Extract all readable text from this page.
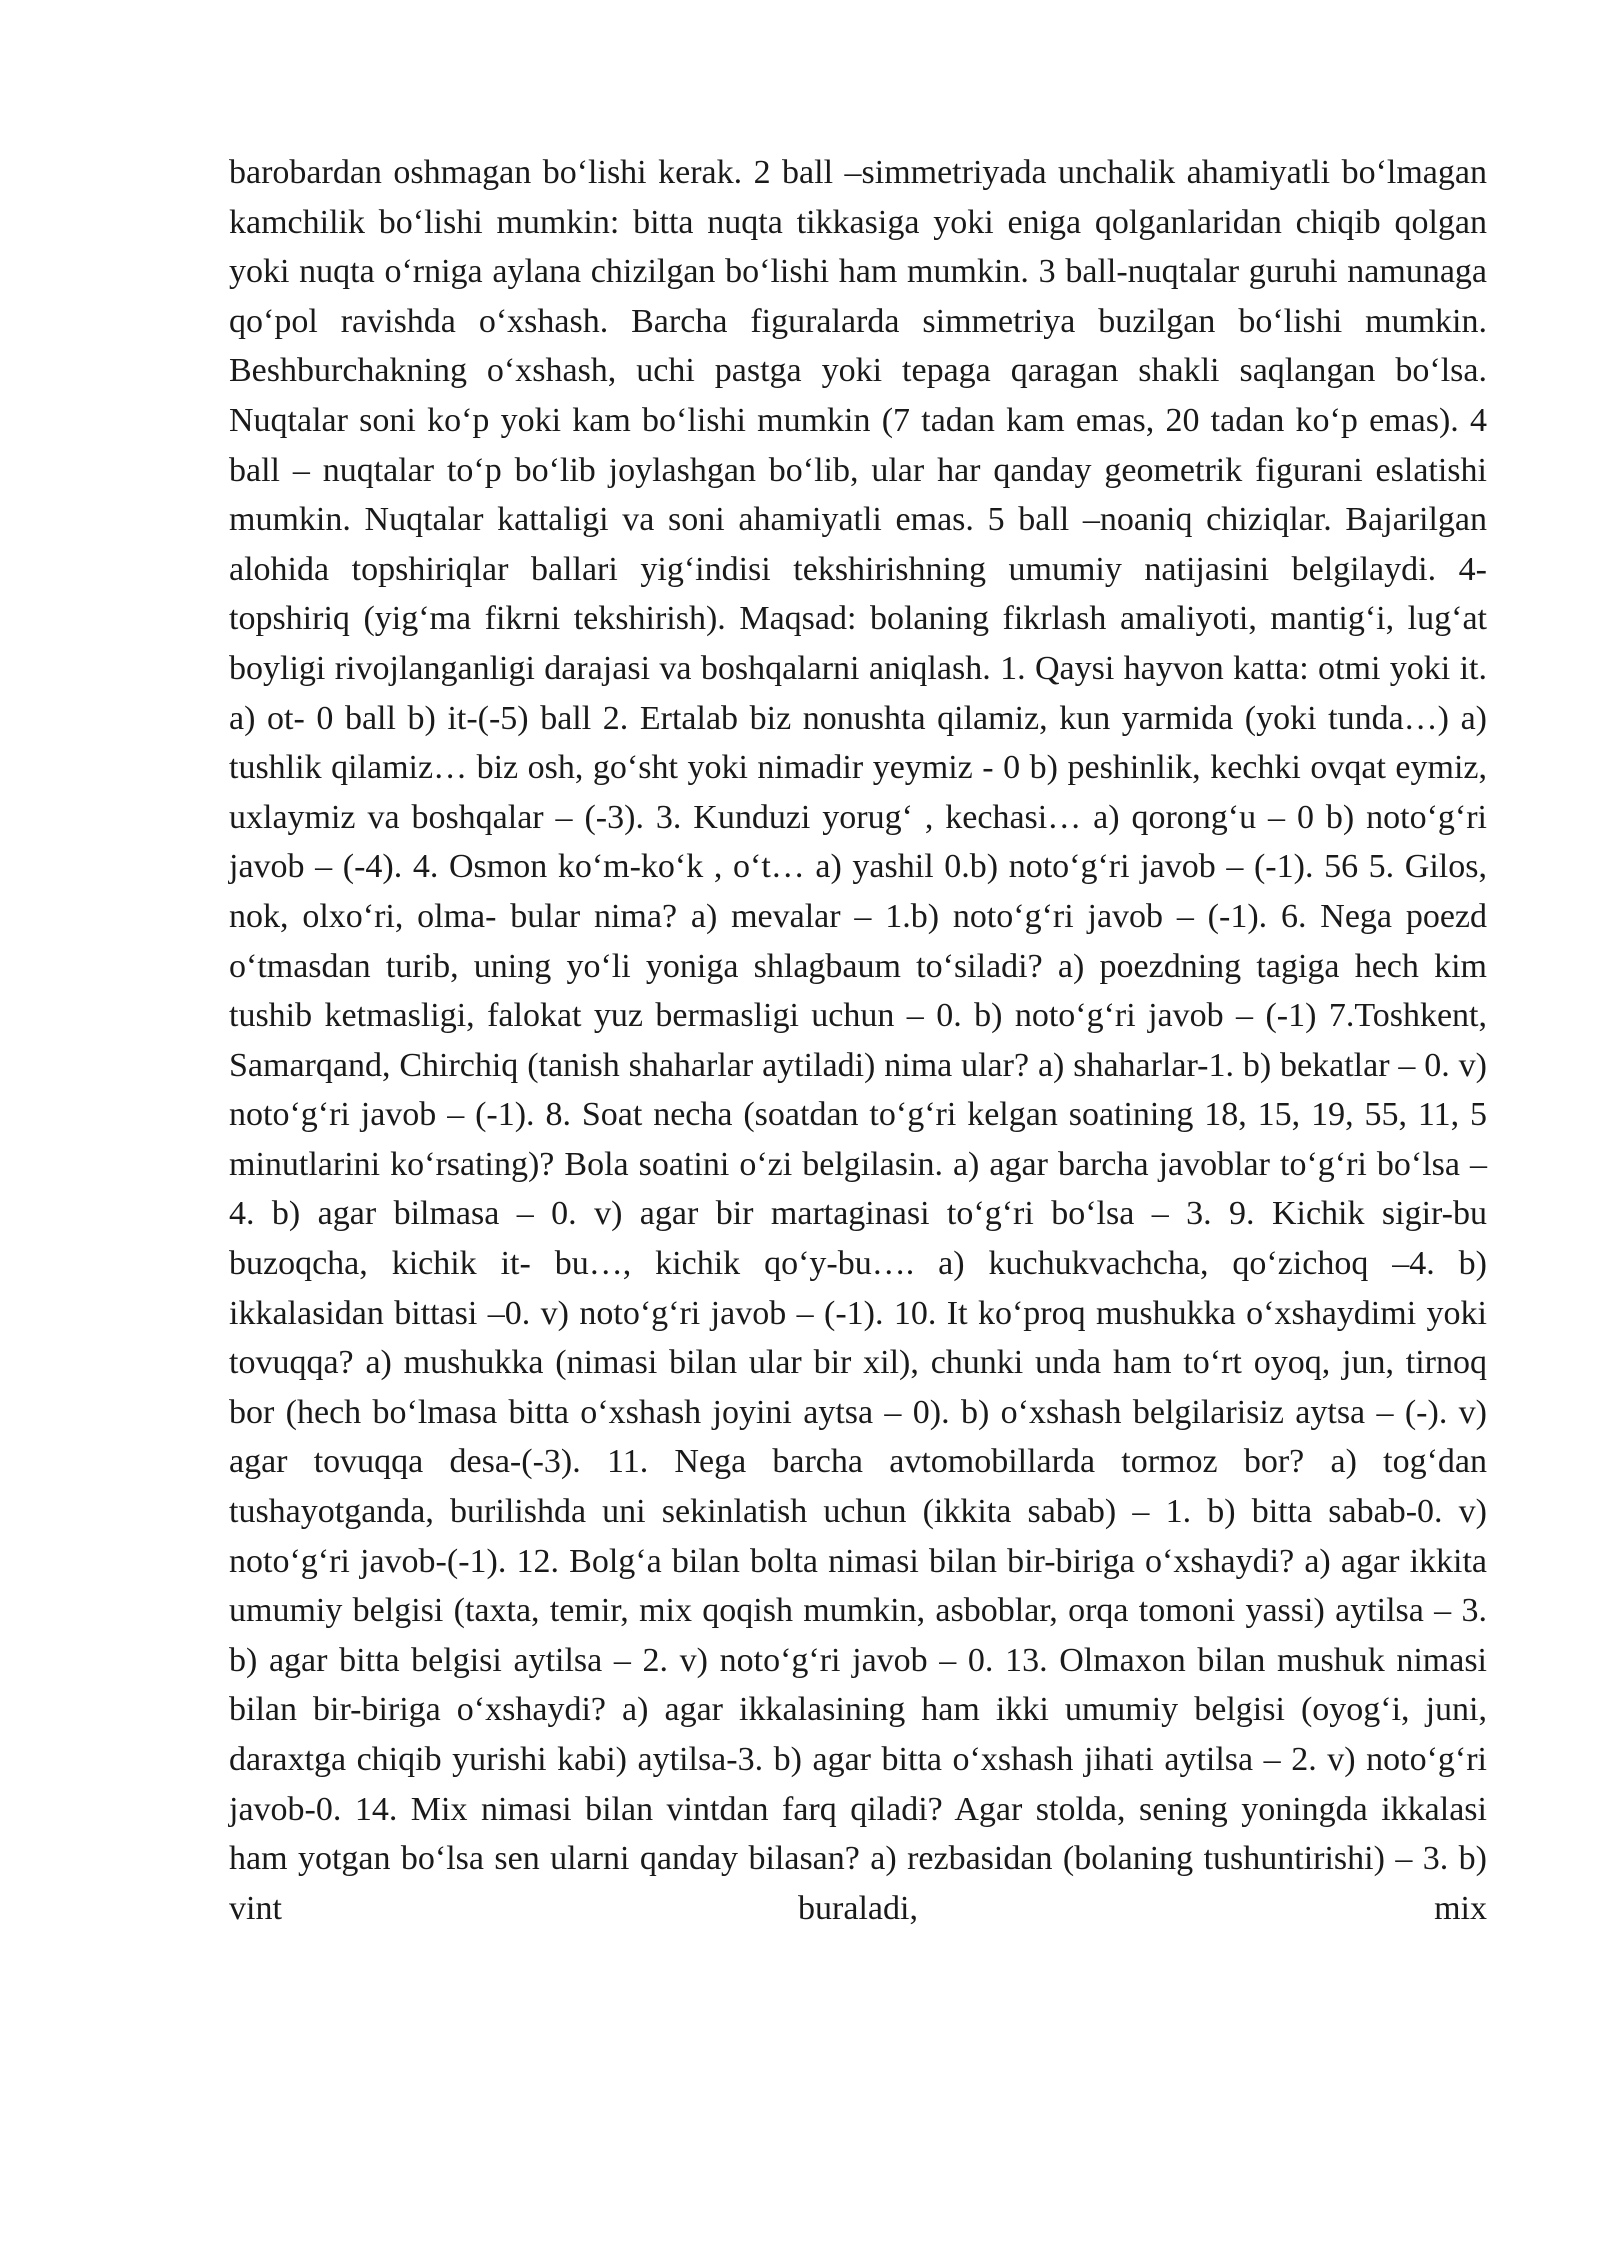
barobardan oshmagan bo‘lishi kerak. 2 ball –simmetriyada unchalik ahamiyatli bo‘lmagan kamchilik bo‘lishi mumkin: bitta nuqta tikkasiga yoki eniga qolganlaridan chiqib qolgan yoki nuqta o‘rniga aylana chizilgan bo‘lishi ham mumkin. 3 ball-nuqtalar guruhi namunaga qo‘pol ravishda o‘xshash. Barcha figuralarda simmetriya buzilgan bo‘lishi mumkin. Beshburchakning o‘xshash, uchi pastga yoki tepaga qaragan shakli saqlangan bo‘lsa. Nuqtalar soni ko‘p yoki kam bo‘lishi mumkin (7 tadan kam emas, 20 tadan ko‘p emas). 4 ball – nuqtalar to‘p bo‘lib joylashgan bo‘lib, ular har qanday geometrik figurani eslatishi mumkin. Nuqtalar kattaligi va soni ahamiyatli emas. 5 ball –noaniq chiziqlar. Bajarilgan alohida topshiriqlar ballari yig‘indisi tekshirishning umumiy natijasini belgilaydi. 4-topshiriq (yig‘ma fikrni tekshirish). Maqsad: bolaning fikrlash amaliyoti, mantig‘i, lug‘at boyligi rivojlanganligi darajasi va boshqalarni aniqlash. 1. Qaysi hayvon katta: otmi yoki it. a) ot- 0 ball b) it-(-5) ball 2. Ertalab biz nonushta qilamiz, kun yarmida (yoki tunda…) a) tushlik qilamiz… biz osh, go‘sht yoki nimadir yeymiz - 0 b) peshinlik, kechki ovqat eymiz, uxlaymiz va boshqalar – (-3). 3. Kunduzi yorug‘ , kechasi… a) qorong‘u – 0 b) noto‘g‘ri javob – (-4). 4. Osmon ko‘m-ko‘k , o‘t… a) yashil 0.b) noto‘g‘ri javob – (-1). 56 5. Gilos, nok, olxo‘ri, olma- bular nima? a) mevalar – 1.b) noto‘g‘ri javob – (-1). 6. Nega poezd o‘tmasdan turib, uning yo‘li yoniga shlagbaum to‘siladi? a) poezdning tagiga hech kim tushib ketmasligi, falokat yuz bermasligi uchun – 0. b) noto‘g‘ri javob – (-1) 7.Toshkent, Samarqand, Chirchiq (tanish shaharlar aytiladi) nima ular? a) shaharlar-1. b) bekatlar – 0. v) noto‘g‘ri javob – (-1). 8. Soat necha (soatdan to‘g‘ri kelgan soatining 18, 15, 19, 55, 11, 5 minutlarini ko‘rsating)? Bola soatini o‘zi belgilasin. a) agar barcha javoblar to‘g‘ri bo‘lsa – 4. b) agar bilmasa – 0. v) agar bir martaginasi to‘g‘ri bo‘lsa – 3. 9. Kichik sigir-bu buzoqcha, kichik it- bu…, kichik qo‘y-bu…. a) kuchukvachcha, qo‘zichoq –4. b) ikkalasidan bittasi –0. v) noto‘g‘ri javob – (-1). 10. It ko‘proq mushukka o‘xshaydimi yoki tovuqqa? a) mushukka (nimasi bilan ular bir xil), chunki unda ham to‘rt oyoq, jun, tirnoq bor (hech bo‘lmasa bitta o‘xshash joyini aytsa – 0). b) o‘xshash belgilarisiz aytsa – (-). v) agar tovuqqa desa-(-3). 11. Nega barcha avtomobillarda tormoz bor? a) tog‘dan tushayotganda, burilishda uni sekinlatish uchun (ikkita sabab) – 1. b) bitta sabab-0. v) noto‘g‘ri javob-(-1). 12. Bolg‘a bilan bolta nimasi bilan bir-biriga o‘xshaydi? a) agar ikkita umumiy belgisi (taxta, temir, mix qoqish mumkin, asboblar, orqa tomoni yassi) aytilsa – 3. b) agar bitta belgisi aytilsa – 2. v) noto‘g‘ri javob – 0. 13. Olmaxon bilan mushuk nimasi bilan bir-biriga o‘xshaydi? a) agar ikkalasining ham ikki umumiy belgisi (oyog‘i, juni, daraxtga chiqib yurishi kabi) aytilsa-3. b) agar bitta o‘xshash jihati aytilsa – 2. v) noto‘g‘ri javob-0. 14. Mix nimasi bilan vintdan farq qiladi? Agar stolda, sening yoningda ikkalasi ham yotgan bo‘lsa sen ularni qanday bilasan? a) rezbasidan (bolaning tushuntirishi) – 3. b) vint buraladi, mix
